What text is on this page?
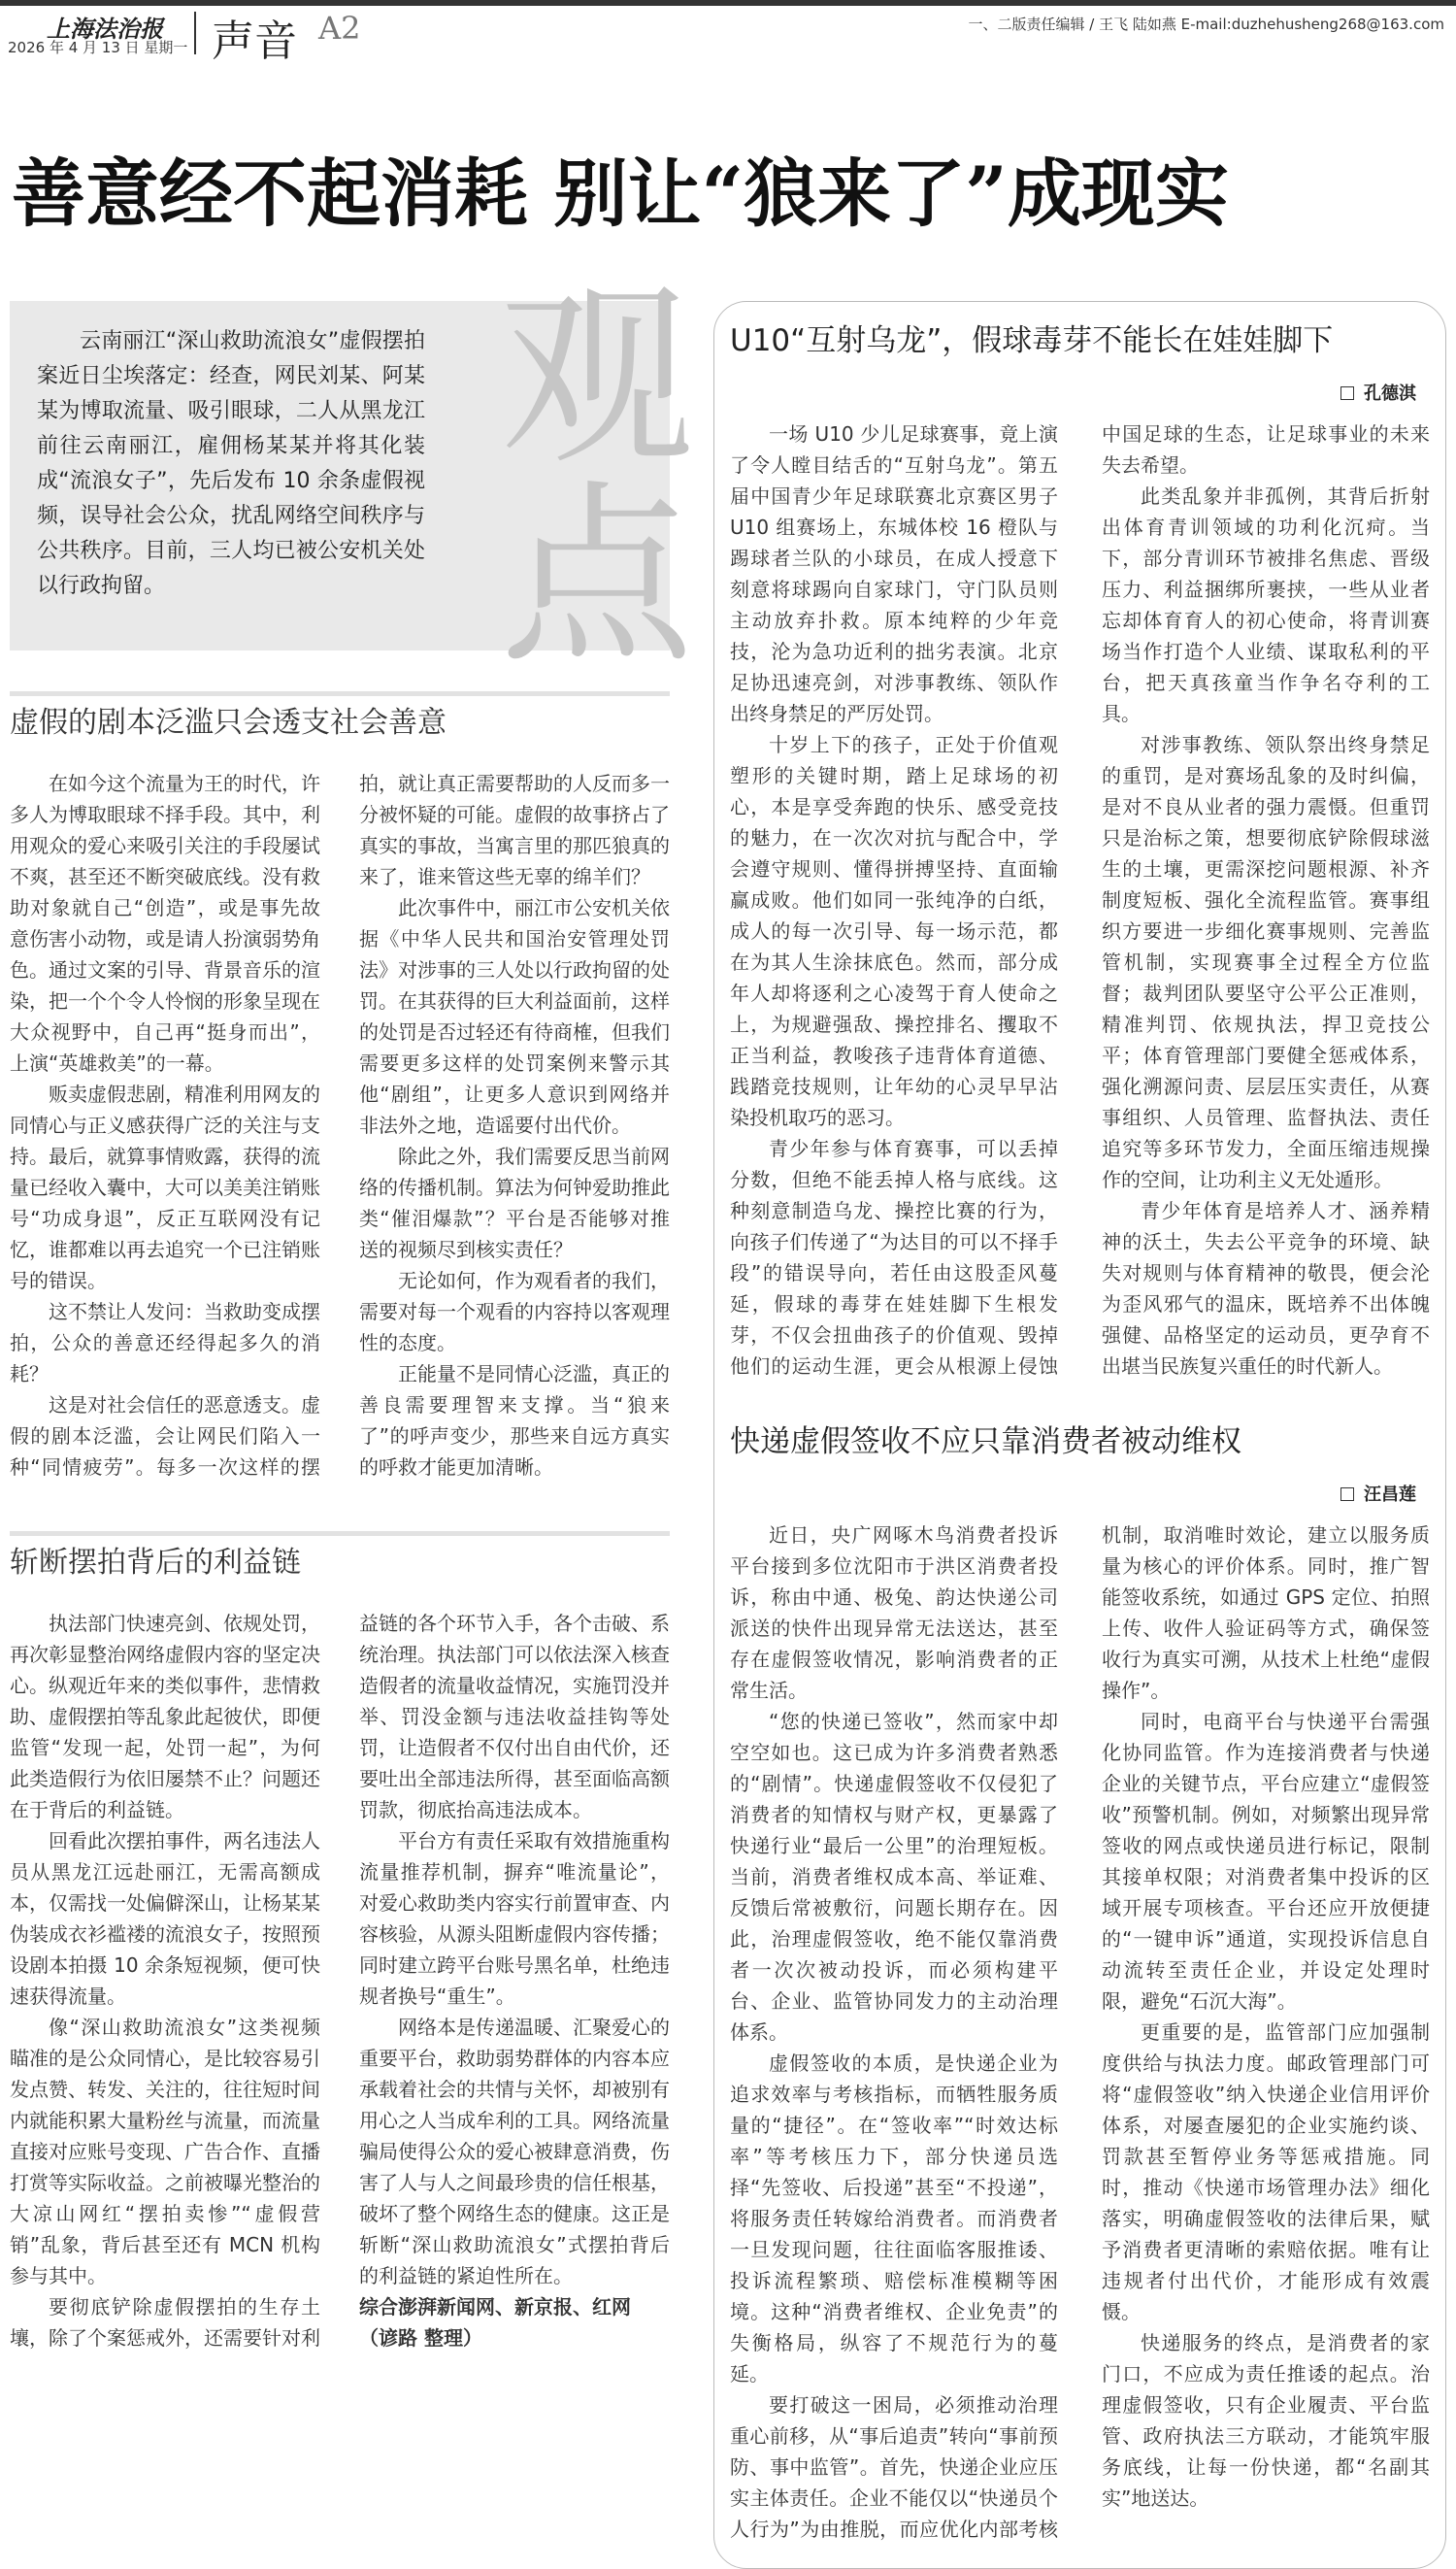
上海法治报
2026 年 4 月 13 日 星期一 声音 A2	一、二版责任编辑 / 王飞 陆如燕 E-mail:duzhehusheng268@163.com
善意经不起消耗 别让“狼来了”成现实

云南丽江“深山救助流浪女”虚假摆拍案近日尘埃落定：经查，网民刘某、阿某某为博取流量、吸引眼球，二人从黑龙江前往云南丽江，雇佣杨某某并将其化装成“流浪女子”，先后发布 10 余条虚假视频，误导社会公众，扰乱网络空间秩序与公共秩序。目前，三人均已被公安机关处以行政拘留。

观
点
虚假的剧本泛滥只会透支社会善意

在如今这个流量为王的时代，许多人为博取眼球不择手段。其中，利用观众的爱心来吸引关注的手段屡试不爽，甚至还不断突破底线。没有救助对象就自己“创造”，或是事先故意伤害小动物，或是请人扮演弱势角色。通过文案的引导、背景音乐的渲染，把一个个令人怜悯的形象呈现在大众视野中，自己再“挺身而出”，上演“英雄救美”的一幕。

贩卖虚假悲剧，精准利用网友的同情心与正义感获得广泛的关注与支持。最后，就算事情败露，获得的流量已经收入囊中，大可以美美注销账号“功成身退”，反正互联网没有记忆，谁都难以再去追究一个已注销账号的错误。

这不禁让人发问：当救助变成摆拍，公众的善意还经得起多久的消耗？

这是对社会信任的恶意透支。虚假的剧本泛滥，会让网民们陷入一种“同情疲劳”。每多一次这样的摆拍，就让真正需要帮助的人反而多一分被怀疑的可能。虚假的故事挤占了真实的事故，当寓言里的那匹狼真的来了，谁来管这些无辜的绵羊们？

此次事件中，丽江市公安机关依据《中华人民共和国治安管理处罚法》对涉事的三人处以行政拘留的处罚。在其获得的巨大利益面前，这样的处罚是否过轻还有待商榷，但我们需要更多这样的处罚案例来警示其他“剧组”，让更多人意识到网络并非法外之地，造谣要付出代价。

除此之外，我们需要反思当前网络的传播机制。算法为何钟爱助推此类“催泪爆款”？平台是否能够对推送的视频尽到核实责任？

无论如何，作为观看者的我们，需要对每一个观看的内容持以客观理性的态度。

正能量不是同情心泛滥，真正的善良需要理智来支撑。当“狼来了”的呼声变少，那些来自远方真实的呼救才能更加清晰。

斩断摆拍背后的利益链

执法部门快速亮剑、依规处罚，再次彰显整治网络虚假内容的坚定决心。纵观近年来的类似事件，悲情救助、虚假摆拍等乱象此起彼伏，即便监管“发现一起，处罚一起”，为何此类造假行为依旧屡禁不止？问题还在于背后的利益链。

回看此次摆拍事件，两名违法人员从黑龙江远赴丽江，无需高额成本，仅需找一处偏僻深山，让杨某某伪装成衣衫褴褛的流浪女子，按照预设剧本拍摄 10 余条短视频，便可快速获得流量。

像“深山救助流浪女”这类视频瞄准的是公众同情心，是比较容易引发点赞、转发、关注的，往往短时间内就能积累大量粉丝与流量，而流量直接对应账号变现、广告合作、直播打赏等实际收益。之前被曝光整治的大凉山网红“摆拍卖惨”“虚假营销”乱象，背后甚至还有 MCN 机构参与其中。

要彻底铲除虚假摆拍的生存土壤，除了个案惩戒外，还需要针对利益链的各个环节入手，各个击破、系统治理。执法部门可以依法深入核查造假者的流量收益情况，实施罚没并举、罚没金额与违法收益挂钩等处罚，让造假者不仅付出自由代价，还要吐出全部违法所得，甚至面临高额罚款，彻底抬高违法成本。

平台方有责任采取有效措施重构流量推荐机制，摒弃“唯流量论”，对爱心救助类内容实行前置审查、内容核验，从源头阻断虚假内容传播；同时建立跨平台账号黑名单，杜绝违规者换号“重生”。

网络本是传递温暖、汇聚爱心的重要平台，救助弱势群体的内容本应承载着社会的共情与关怀，却被别有用心之人当成牟利的工具。网络流量骗局使得公众的爱心被肆意消费，伤害了人与人之间最珍贵的信任根基，破坏了整个网络生态的健康。这正是斩断“深山救助流浪女”式摆拍背后的利益链的紧迫性所在。

综合澎湃新闻网、新京报、红网

（谚路 整理）

U10“互射乌龙”，假球毒芽不能长在娃娃脚下
孔德淇

一场 U10 少儿足球赛事，竟上演了令人瞠目结舌的“互射乌龙”。第五届中国青少年足球联赛北京赛区男子 U10 组赛场上，东城体校 16 橙队与踢球者兰队的小球员，在成人授意下刻意将球踢向自家球门，守门队员则主动放弃扑救。原本纯粹的少年竞技，沦为急功近利的拙劣表演。北京足协迅速亮剑，对涉事教练、领队作出终身禁足的严厉处罚。

十岁上下的孩子，正处于价值观塑形的关键时期，踏上足球场的初心，本是享受奔跑的快乐、感受竞技的魅力，在一次次对抗与配合中，学会遵守规则、懂得拼搏坚持、直面输赢成败。他们如同一张纯净的白纸，成人的每一次引导、每一场示范，都在为其人生涂抹底色。然而，部分成年人却将逐利之心凌驾于育人使命之上，为规避强敌、操控排名、攫取不正当利益，教唆孩子违背体育道德、践踏竞技规则，让年幼的心灵早早沾染投机取巧的恶习。

青少年参与体育赛事，可以丢掉分数，但绝不能丢掉人格与底线。这种刻意制造乌龙、操控比赛的行为，向孩子们传递了“为达目的可以不择手段”的错误导向，若任由这股歪风蔓延，假球的毒芽在娃娃脚下生根发芽，不仅会扭曲孩子的价值观、毁掉他们的运动生涯，更会从根源上侵蚀中国足球的生态，让足球事业的未来失去希望。

此类乱象并非孤例，其背后折射出体育青训领域的功利化沉疴。当下，部分青训环节被排名焦虑、晋级压力、利益捆绑所裹挟，一些从业者忘却体育育人的初心使命，将青训赛场当作打造个人业绩、谋取私利的平台，把天真孩童当作争名夺利的工具。

对涉事教练、领队祭出终身禁足的重罚，是对赛场乱象的及时纠偏，是对不良从业者的强力震慑。但重罚只是治标之策，想要彻底铲除假球滋生的土壤，更需深挖问题根源、补齐制度短板、强化全流程监管。赛事组织方要进一步细化赛事规则、完善监管机制，实现赛事全过程全方位监督；裁判团队要坚守公平公正准则，精准判罚、依规执法，捍卫竞技公平；体育管理部门要健全惩戒体系，强化溯源问责、层层压实责任，从赛事组织、人员管理、监督执法、责任追究等多环节发力，全面压缩违规操作的空间，让功利主义无处遁形。

青少年体育是培养人才、涵养精神的沃土，失去公平竞争的环境、缺失对规则与体育精神的敬畏，便会沦为歪风邪气的温床，既培养不出体魄强健、品格坚定的运动员，更孕育不出堪当民族复兴重任的时代新人。

快递虚假签收不应只靠消费者被动维权
汪昌莲

近日，央广网啄木鸟消费者投诉平台接到多位沈阳市于洪区消费者投诉，称由中通、极兔、韵达快递公司派送的快件出现异常无法送达，甚至存在虚假签收情况，影响消费者的正常生活。

“您的快递已签收”，然而家中却空空如也。这已成为许多消费者熟悉的“剧情”。快递虚假签收不仅侵犯了消费者的知情权与财产权，更暴露了快递行业“最后一公里”的治理短板。当前，消费者维权成本高、举证难、反馈后常被敷衍，问题长期存在。因此，治理虚假签收，绝不能仅靠消费者一次次被动投诉，而必须构建平台、企业、监管协同发力的主动治理体系。

虚假签收的本质，是快递企业为追求效率与考核指标，而牺牲服务质量的“捷径”。在“签收率”“时效达标率”等考核压力下，部分快递员选择“先签收、后投递”甚至“不投递”，将服务责任转嫁给消费者。而消费者一旦发现问题，往往面临客服推诿、投诉流程繁琐、赔偿标准模糊等困境。这种“消费者维权、企业免责”的失衡格局，纵容了不规范行为的蔓延。

要打破这一困局，必须推动治理重心前移，从“事后追责”转向“事前预防、事中监管”。首先，快递企业应压实主体责任。企业不能仅以“快递员个人行为”为由推脱，而应优化内部考核机制，取消唯时效论，建立以服务质量为核心的评价体系。同时，推广智能签收系统，如通过 GPS 定位、拍照上传、收件人验证码等方式，确保签收行为真实可溯，从技术上杜绝“虚假操作”。

同时，电商平台与快递平台需强化协同监管。作为连接消费者与快递企业的关键节点，平台应建立“虚假签收”预警机制。例如，对频繁出现异常签收的网点或快递员进行标记，限制其接单权限；对消费者集中投诉的区域开展专项核查。平台还应开放便捷的“一键申诉”通道，实现投诉信息自动流转至责任企业，并设定处理时限，避免“石沉大海”。

更重要的是，监管部门应加强制度供给与执法力度。邮政管理部门可将“虚假签收”纳入快递企业信用评价体系，对屡查屡犯的企业实施约谈、罚款甚至暂停业务等惩戒措施。同时，推动《快递市场管理办法》细化落实，明确虚假签收的法律后果，赋予消费者更清晰的索赔依据。唯有让违规者付出代价，才能形成有效震慑。

快递服务的终点，是消费者的家门口，不应成为责任推诿的起点。治理虚假签收，只有企业履责、平台监管、政府执法三方联动，才能筑牢服务底线，让每一份快递，都“名副其实”地送达。
